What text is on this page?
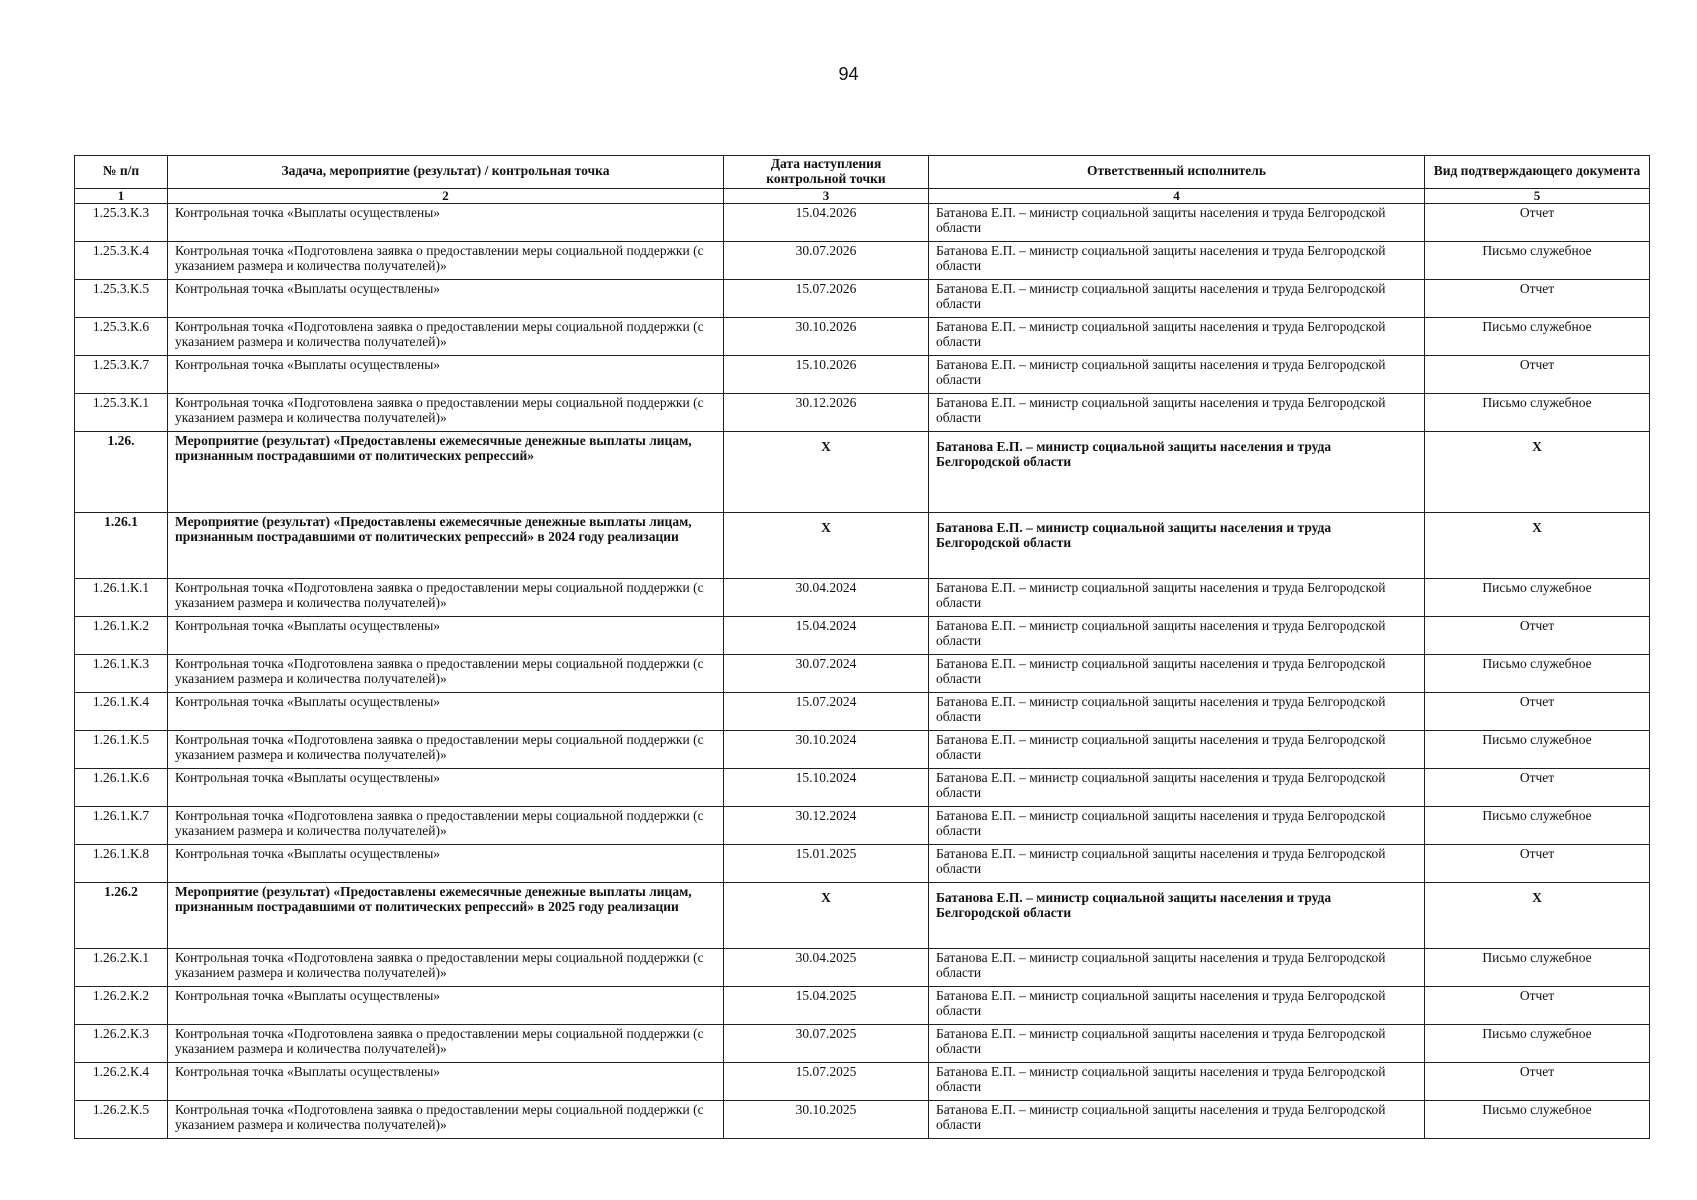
94
№ п/п	Задача, мероприятие (результат) / контрольная точка	Дата наступления контрольной точки	Ответственный исполнитель	Вид подтверждающего документа
1	2	3	4	5
1.25.3.К.3	Контрольная точка «Выплаты осуществлены»	15.04.2026	Батанова Е.П. – министр социальной защиты населения и труда Белгородской области	Отчет
1.25.3.К.4	Контрольная точка «Подготовлена заявка о предоставлении меры социальной поддержки (с указанием размера и количества получателей)»	30.07.2026	Батанова Е.П. – министр социальной защиты населения и труда Белгородской области	Письмо служебное
1.25.3.К.5	Контрольная точка «Выплаты осуществлены»	15.07.2026	Батанова Е.П. – министр социальной защиты населения и труда Белгородской области	Отчет
1.25.3.К.6	Контрольная точка «Подготовлена заявка о предоставлении меры социальной поддержки (с указанием размера и количества получателей)»	30.10.2026	Батанова Е.П. – министр социальной защиты населения и труда Белгородской области	Письмо служебное
1.25.3.К.7	Контрольная точка «Выплаты осуществлены»	15.10.2026	Батанова Е.П. – министр социальной защиты населения и труда Белгородской области	Отчет
1.25.3.К.1	Контрольная точка «Подготовлена заявка о предоставлении меры социальной поддержки (с указанием размера и количества получателей)»	30.12.2026	Батанова Е.П. – министр социальной защиты населения и труда Белгородской области	Письмо служебное
1.26.	Мероприятие (результат) «Предоставлены ежемесячные денежные выплаты лицам, признанным пострадавшими от политических репрессий»	Х	Батанова Е.П. – министр социальной защиты населения и труда Белгородской области	Х
1.26.1	Мероприятие (результат) «Предоставлены ежемесячные денежные выплаты лицам, признанным пострадавшими от политических репрессий» в 2024 году реализации	Х	Батанова Е.П. – министр социальной защиты населения и труда Белгородской области	Х
1.26.1.К.1	Контрольная точка «Подготовлена заявка о предоставлении меры социальной поддержки (с указанием размера и количества получателей)»	30.04.2024	Батанова Е.П. – министр социальной защиты населения и труда Белгородской области	Письмо служебное
1.26.1.К.2	Контрольная точка «Выплаты осуществлены»	15.04.2024	Батанова Е.П. – министр социальной защиты населения и труда Белгородской области	Отчет
1.26.1.К.3	Контрольная точка «Подготовлена заявка о предоставлении меры социальной поддержки (с указанием размера и количества получателей)»	30.07.2024	Батанова Е.П. – министр социальной защиты населения и труда Белгородской области	Письмо служебное
1.26.1.К.4	Контрольная точка «Выплаты осуществлены»	15.07.2024	Батанова Е.П. – министр социальной защиты населения и труда Белгородской области	Отчет
1.26.1.К.5	Контрольная точка «Подготовлена заявка о предоставлении меры социальной поддержки (с указанием размера и количества получателей)»	30.10.2024	Батанова Е.П. – министр социальной защиты населения и труда Белгородской области	Письмо служебное
1.26.1.К.6	Контрольная точка «Выплаты осуществлены»	15.10.2024	Батанова Е.П. – министр социальной защиты населения и труда Белгородской области	Отчет
1.26.1.К.7	Контрольная точка «Подготовлена заявка о предоставлении меры социальной поддержки (с указанием размера и количества получателей)»	30.12.2024	Батанова Е.П. – министр социальной защиты населения и труда Белгородской области	Письмо служебное
1.26.1.К.8	Контрольная точка «Выплаты осуществлены»	15.01.2025	Батанова Е.П. – министр социальной защиты населения и труда Белгородской области	Отчет
1.26.2	Мероприятие (результат) «Предоставлены ежемесячные денежные выплаты лицам, признанным пострадавшими от политических репрессий» в 2025 году реализации	Х	Батанова Е.П. – министр социальной защиты населения и труда Белгородской области	Х
1.26.2.К.1	Контрольная точка «Подготовлена заявка о предоставлении меры социальной поддержки (с указанием размера и количества получателей)»	30.04.2025	Батанова Е.П. – министр социальной защиты населения и труда Белгородской области	Письмо служебное
1.26.2.К.2	Контрольная точка «Выплаты осуществлены»	15.04.2025	Батанова Е.П. – министр социальной защиты населения и труда Белгородской области	Отчет
1.26.2.К.3	Контрольная точка «Подготовлена заявка о предоставлении меры социальной поддержки (с указанием размера и количества получателей)»	30.07.2025	Батанова Е.П. – министр социальной защиты населения и труда Белгородской области	Письмо служебное
1.26.2.К.4	Контрольная точка «Выплаты осуществлены»	15.07.2025	Батанова Е.П. – министр социальной защиты населения и труда Белгородской области	Отчет
1.26.2.К.5	Контрольная точка «Подготовлена заявка о предоставлении меры социальной поддержки (с указанием размера и количества получателей)»	30.10.2025	Батанова Е.П. – министр социальной защиты населения и труда Белгородской области	Письмо служебное
